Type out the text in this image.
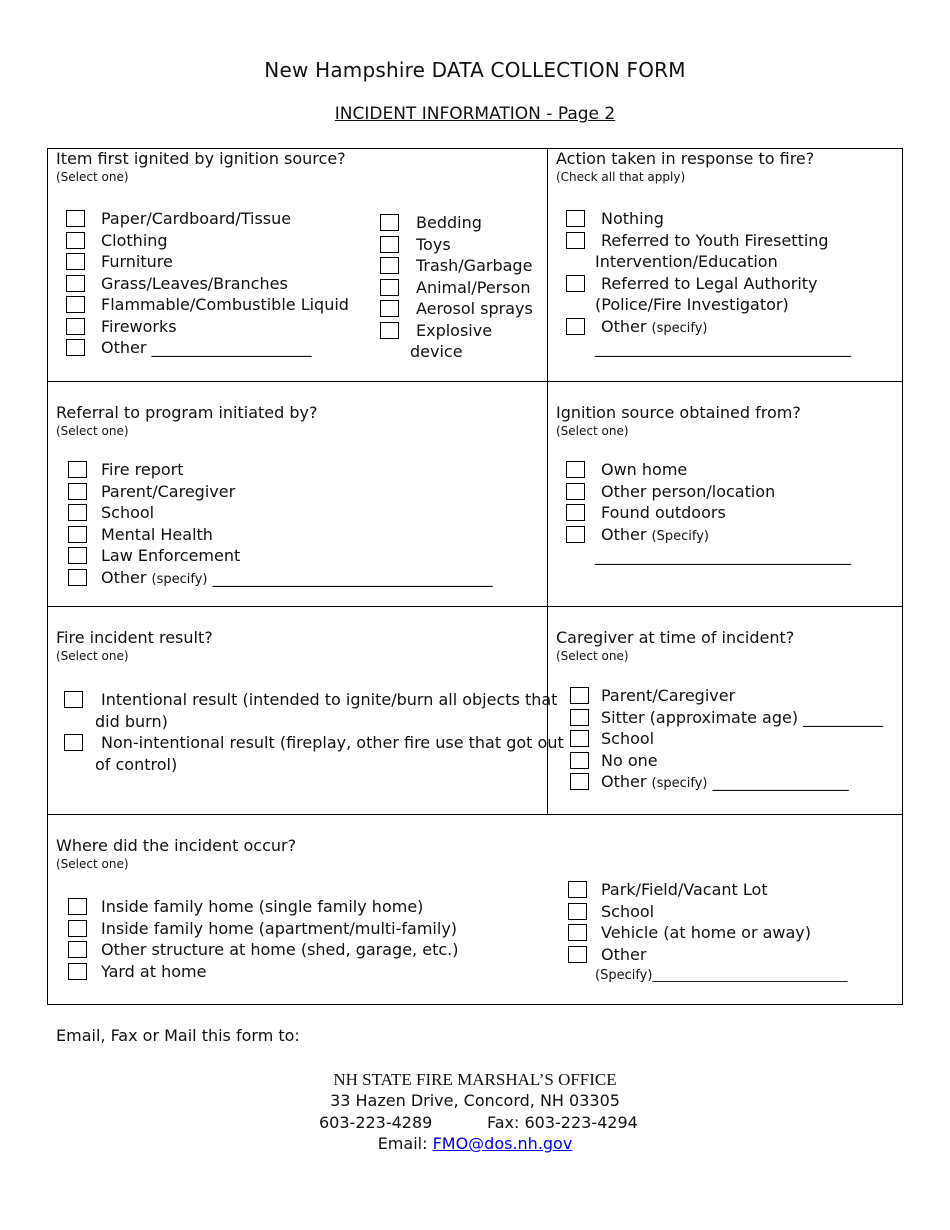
New Hampshire DATA COLLECTION FORM
INCIDENT INFORMATION - Page 2
Item first ignited by ignition source?
(Select one)
Paper/Cardboard/Tissue
Clothing
Furniture
Grass/Leaves/Branches
Flammable/Combustible Liquid
Fireworks
Other ____________________
Bedding
Toys
Trash/Garbage
Animal/Person
Aerosol sprays
Explosive
device
Action taken in response to fire?
(Check all that apply)
Nothing
Referred to Youth Firesetting
Intervention/Education
Referred to Legal Authority
(Police/Fire Investigator)
Other (specify)
________________________________
Referral to program initiated by?
(Select one)
Fire report
Parent/Caregiver
School
Mental Health
Law Enforcement
Other (specify) ___________________________________
Ignition source obtained from?
(Select one)
Own home
Other person/location
Found outdoors
Other (Specify)
________________________________
Fire incident result?
(Select one)
Intentional result (intended to ignite/burn all objects that
did burn)
Non-intentional result (fireplay, other fire use that got out
of control)
Caregiver at time of incident?
(Select one)
Parent/Caregiver
Sitter (approximate age) __________
School
No one
Other (specify) _________________
Where did the incident occur?
(Select one)
Inside family home (single family home)
Inside family home (apartment/multi-family)
Other structure at home (shed, garage, etc.)
Yard at home
Park/Field/Vacant Lot
School
Vehicle (at home or away)
Other
(Specify)______________________________
Email, Fax or Mail this form to:
NH STATE FIRE MARSHAL’S OFFICE
33 Hazen Drive, Concord, NH 03305
603-223-4289	Fax: 603-223-4294
Email: FMO@dos.nh.gov
